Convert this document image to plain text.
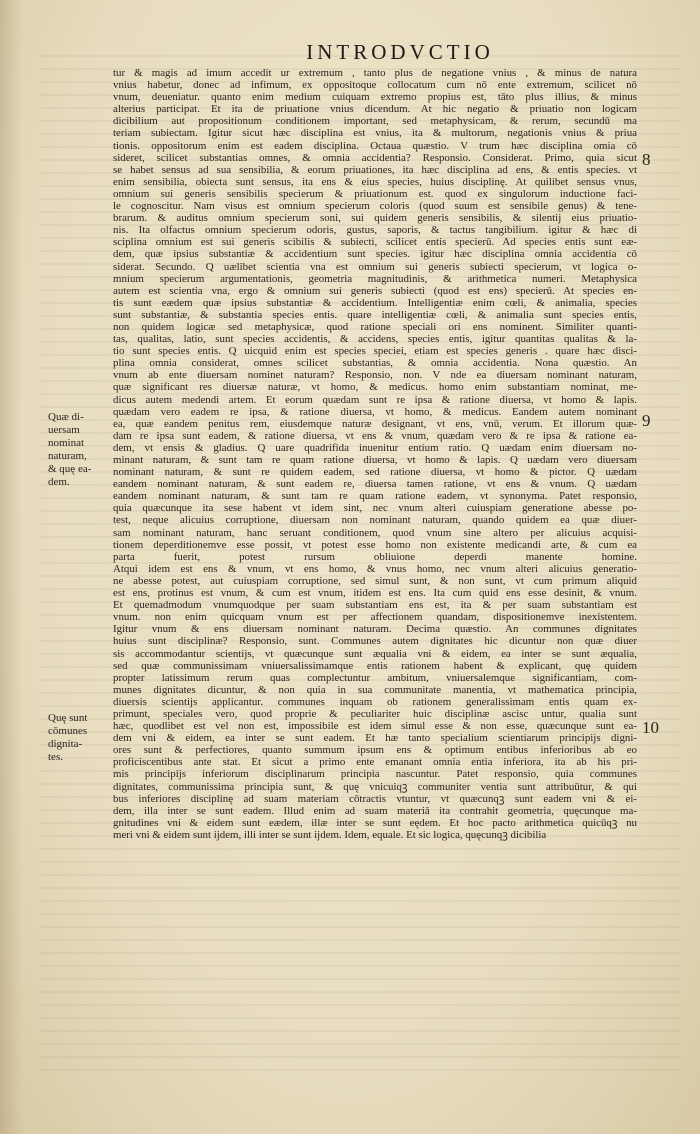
INTRODVCTIO
tur & magis ad imum accedit ur extremum , tanto plus de negatione vnius , & minus de natura
vnius habetur, donec ad infimum, ex oppositoque collocatum cum nō ente extremum, scilicet nō
vnum, deueniatur. quanto enim medium cuiquam extremo propius est, tāto plus illius, & minus
alterius participat. Et ita de priuatione vnius dicendum. At hic negatio & priuatio non logicam
dicibilium aut propositionum conditionem important, sed metaphysicam, & rerum, secundū ma
teriam subiectam. Igitur sicut hæc disciplina est vnius, ita & multorum, negationis vnius & priua
tionis. oppositorum enim est eadem disciplina. Octaua quæstio. V trum hæc disciplina omia cō
sideret, scilicet substantias omnes, & omnia accidentia? Responsio. Considerat. Primo, quia sicut
se habet sensus ad sua sensibilia, & eorum priuationes, ita hæc disciplina ad ens, & entis species. vt
enim sensibilia, obiecta sunt sensus, ita ens & eius species, huius disciplinę. At quilibet sensus vnus,
omnium sui generis sensibilis specierum & priuationum est. quod ex singulorum inductione faci-
le cognoscitur. Nam visus est omnium specierum coloris (quod suum est sensibile genus) & tene-
brarum. & auditus omnium specierum soni, sui quidem generis sensibilis, & silentij eius priuatio-
nis. Ita olfactus omnium specierum odoris, gustus, saporis, & tactus tangibilium. igitur & hæc di
sciplina omnium est sui generis scibilis & subiecti, scilicet entis specierū. Ad species entis sunt eæ-
dem, quæ ipsius substantiæ & accidentium sunt species. igitur hæc disciplina omnia accidentia cō
siderat. Secundo. Q uælibet scientia vna est omnium sui generis subiecti specierum, vt logica o-
mnium specierum argumentationis, geometria magnitudinis, & arithmetica numeri. Metaphysica
autem est scientia vna, ergo & omnium sui generis subiecti (quod est ens) specierū. At species en-
tis sunt eædem quæ ipsius substantiæ & accidentium. Intelligentiæ enim cœli, & animalia, species
sunt substantiæ, & substantia species entis. quare intelligentiæ cœli, & animalia sunt species entis,
non quidem logicæ sed metaphysicæ, quod ratione speciali ori ens nominent. Similiter quanti-
tas, qualitas, latio, sunt species accidentis, & accidens, species entis, igitur quantitas qualitas & la-
tio sunt species entis. Q uicquid enim est species speciei, etiam est species generis . quare hæc disci-
plina omnia considerat, omnes scilicet substantias, & omnia accidentia. Nona quæstio. An
vnum ab ente diuersam nominet naturam? Responsio, non. V nde ea diuersam nominant naturam,
quæ significant res diuersæ naturæ, vt homo, & medicus. homo enim substantiam nominat, me-
dicus autem medendi artem. Et eorum quædam sunt re ipsa & ratione diuersa, vt homo & lapis.
quædam vero eadem re ipsa, & ratione diuersa, vt homo, & medicus. Eandem autem nominant
ea, quæ eandem penitus rem, eiusdemque naturæ designant, vt ens, vnū, verum. Et illorum quæ-
dam re ipsa sunt eadem, & ratione diuersa, vt ens & vnum, quædam vero & re ipsa & ratione ea-
dem, vt ensis & gladius. Q uare quadrifida inuenitur entium ratio. Q uædam enim diuersam no-
minant naturam, & sunt tam re quam ratione diuersa, vt homo & lapis. Q uædam vero diuersam
nominant naturam, & sunt re quidem eadem, sed ratione diuersa, vt homo & pictor. Q uædam
eandem nominant naturam, & sunt eadem re, diuersa tamen ratione, vt ens & vnum. Q uædam
eandem nominant naturam, & sunt tam re quam ratione eadem, vt synonyma. Patet responsio,
quia quæcunque ita sese habent vt idem sint, nec vnum alteri cuiuspiam generatione abesse po-
test, neque alicuius corruptione, diuersam non nominant naturam, quando quidem ea quæ diuer-
sam nominant naturam, hanc seruant conditionem, quod vnum sine altero per alicuius acquisi-
tionem deperditionemve esse possit, vt potest esse homo non existente medicandi arte, & cum ea
parta fuerit, potest rursum obliuione deperdi manente homine.
Atqui idem est ens & vnum, vt ens homo, & vnus homo, nec vnum alteri alicuius generatio-
ne abesse potest, aut cuiuspiam corruptione, sed simul sunt, & non sunt, vt cum primum aliquid
est ens, protinus est vnum, & cum est vnum, itidem est ens. Ita cum quid ens esse desinit, & vnum.
Et quemadmodum vnumquodque per suam substantiam ens est, ita & per suam substantiam est
vnum. non enim quicquam vnum est per affectionem quandam, dispositionemve inexistentem.
Igitur vnum & ens diuersam nominant naturam. Decima quæstio. An communes dignitates
huius sunt disciplinæ? Responsio, sunt. Communes autem dignitates hic dicuntur non quæ diuer
sis accommodantur scientijs, vt quæcunque sunt æqualia vni & eidem, ea inter se sunt æqualia,
sed quæ communissimam vniuersalissimamque entis rationem habent & explicant, quę quidem
propter latissimum rerum quas complectuntur ambitum, vniuersalemque significantiam, com-
munes dignitates dicuntur, & non quia in sua communitate manentia, vt mathematica principia,
diuersis scientijs applicantur. communes inquam ob rationem generalissimam entis quam ex-
primunt, speciales vero, quod proprie & peculiariter huic disciplinæ ascisc untur, qualia sunt
hæc, quodlibet est vel non est, impossibile est idem simul esse & non esse, quæcunque sunt ea-
dem vni & eidem, ea inter se sunt eadem. Et hæ tanto specialium scientiarum principijs digni-
ores sunt & perfectiores, quanto summum ipsum ens & optimum entibus inferioribus ab eo
proficiscentibus ante stat. Et sicut a primo ente emanant omnia entia inferiora, ita ab his pri-
mis principijs inferiorum disciplinarum principia nascuntur. Patet responsio, quia communes
dignitates, communissima principia sunt, & quę vnicuiqꝫ communiter ventia sunt attribuūtur, & qui
bus inferiores disciplinę ad suam materiam cōtractis vtuntur, vt quæcunqꝫ sunt eadem vni & ei-
dem, illa inter se sunt eadem. Illud enim ad suam materiā ita contrahit geometria, quęcunque ma-
gnitudines vni & eidem sunt eædem, illæ inter se sunt eędem. Et hoc pacto arithmetica quicūqꝫ nu
meri vni & eidem sunt ijdem, illi inter se sunt ijdem. Idem, equale. Et sic logica, quęcunqꝫ dicibilia
Quæ di-
uersam
nominat
naturam,
& quę ea-
dem.
Quę sunt
cōmunes
dignita-
tes.
8
9
10
